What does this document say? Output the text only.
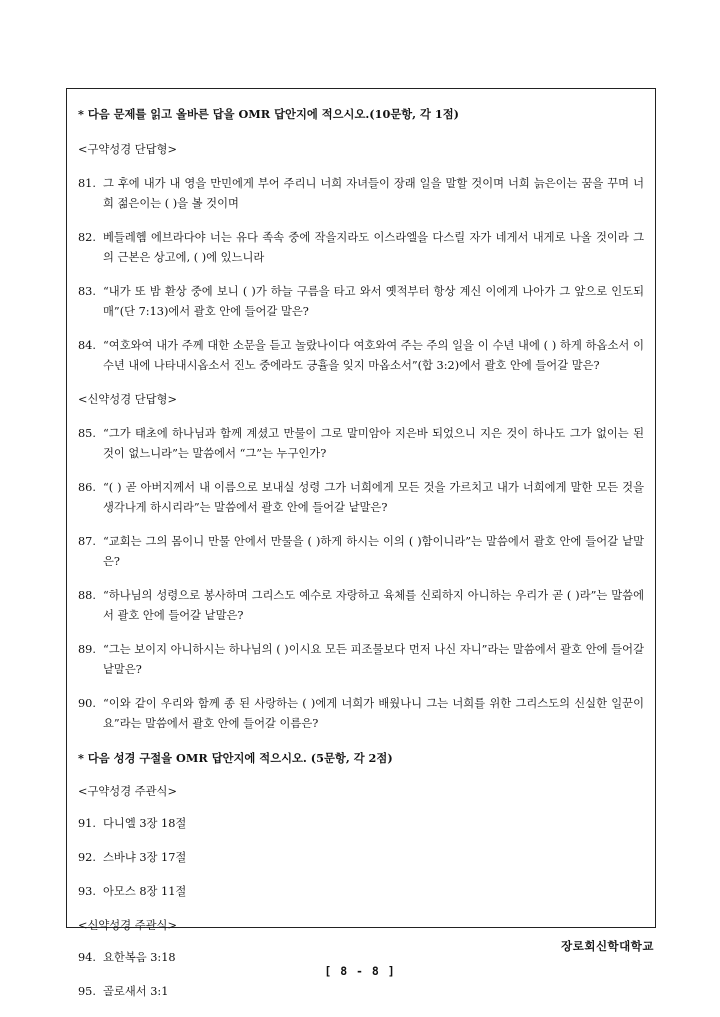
* 다음 문제를 읽고 올바른 답을 OMR 답안지에 적으시오.(10문항, 각 1점)
<구약성경 단답형>
81. 그 후에 내가 내 영을 만민에게 부어 주리니 너희 자녀들이 장래 일을 말할 것이며 너희 늙은이는 꿈을 꾸며 너희 젊은이는 ( )을 볼 것이며
82. 베들레헴 에브라다야 너는 유다 족속 중에 작을지라도 이스라엘을 다스릴 자가 네게서 내게로 나올 것이라 그의 근본은 상고에, ( )에 있느니라
83. “내가 또 밤 환상 중에 보니 ( )가 하늘 구름을 타고 와서 옛적부터 항상 계신 이에게 나아가 그 앞으로 인도되매”(단 7:13)에서 괄호 안에 들어갈 말은?
84. “여호와여 내가 주께 대한 소문을 듣고 놀랐나이다 여호와여 주는 주의 일을 이 수년 내에 ( ) 하게 하옵소서 이 수년 내에 나타내시옵소서 진노 중에라도 긍휼을 잊지 마옵소서”(합 3:2)에서 괄호 안에 들어갈 말은?
<신약성경 단답형>
85. “그가 태초에 하나님과 함께 계셨고 만물이 그로 말미암아 지은바 되었으니 지은 것이 하나도 그가 없이는 된 것이 없느니라”는 말씀에서 “그”는 누구인가?
86. “( ) 곧 아버지께서 내 이름으로 보내실 성령 그가 너희에게 모든 것을 가르치고 내가 너희에게 말한 모든 것을 생각나게 하시리라”는 말씀에서 괄호 안에 들어갈 낱말은?
87. “교회는 그의 몸이니 만물 안에서 만물을 ( )하게 하시는 이의 ( )함이니라”는 말씀에서 괄호 안에 들어갈 낱말은?
88. “하나님의 성령으로 봉사하며 그리스도 예수로 자랑하고 육체를 신뢰하지 아니하는 우리가 곧 ( )라”는 말씀에서 괄호 안에 들어갈 낱말은?
89. “그는 보이지 아니하시는 하나님의 ( )이시요 모든 피조물보다 먼저 나신 자니”라는 말씀에서 괄호 안에 들어갈 낱말은?
90. “이와 같이 우리와 함께 종 된 사랑하는 ( )에게 너희가 배웠나니 그는 너희를 위한 그리스도의 신실한 일꾼이요”라는 말씀에서 괄호 안에 들어갈 이름은?
* 다음 성경 구절을 OMR 답안지에 적으시오. (5문항, 각 2점)
<구약성경 주관식>
91. 다니엘 3장 18절
92. 스바냐 3장 17절
93. 아모스 8장 11절
<신약성경 주관식>
94. 요한복음 3:18
95. 골로새서 3:1
장로회신학대학교
[ 8 - 8 ]
